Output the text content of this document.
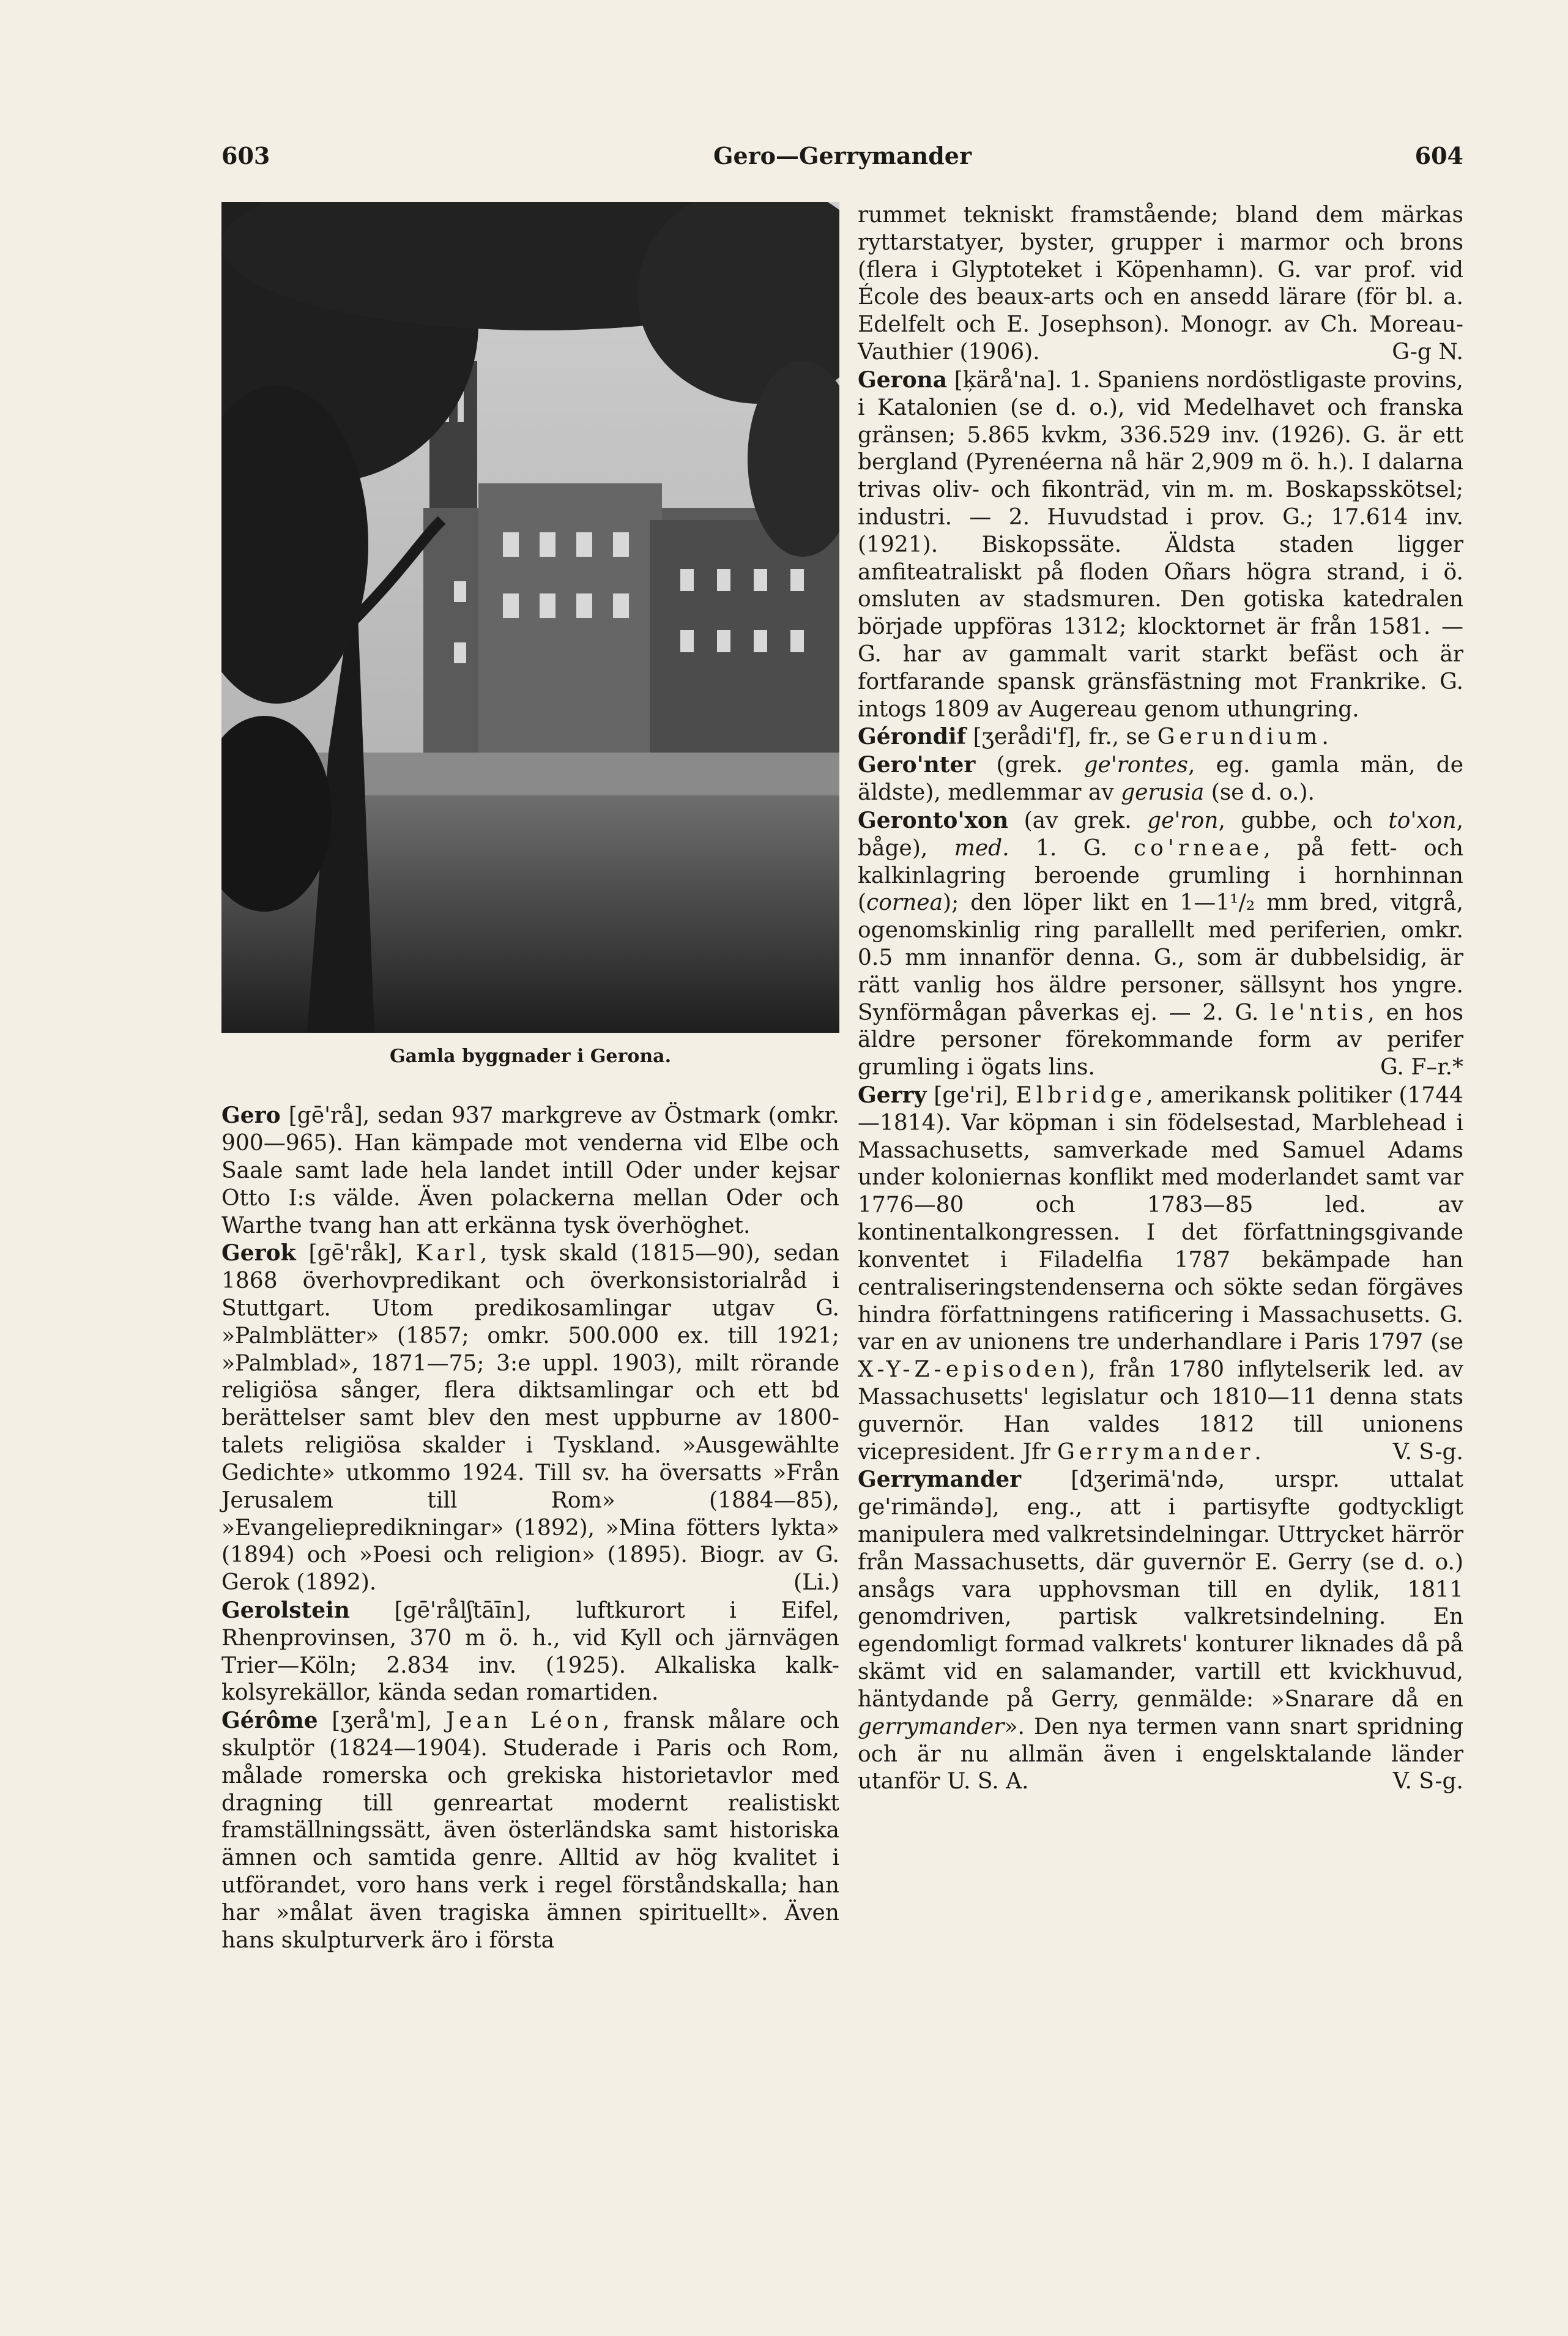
603	Gero—Gerrymander	604
Gamla byggnader i Gerona.

Gero [gē'rå], sedan 937 markgreve av Östmark (omkr. 900—965). Han kämpade mot venderna vid Elbe och Saale samt lade hela landet intill Oder under kejsar Otto I:s välde. Även polackerna mellan Oder och Warthe tvang han att erkänna tysk överhöghet.

Gerok [gē'råk], Karl, tysk skald (1815—90), sedan 1868 överhovpredikant och överkonsistorialråd i Stuttgart. Utom predikosamlingar utgav G. »Palmblätter» (1857; omkr. 500.000 ex. till 1921; »Palmblad», 1871—75; 3:e uppl. 1903), milt rörande religiösa sånger, flera diktsamlingar och ett bd berättelser samt blev den mest uppburne av 1800-talets religiösa skalder i Tyskland. »Ausgewählte Gedichte» utkommo 1924. Till sv. ha översatts »Från Jerusalem till Rom» (1884—85), »Evangeliepredikningar» (1892), »Mina fötters lykta» (1894) och »Poesi och religion» (1895). Biogr. av G. Gerok (1892).	(Li.)

Gerolstein [gē'rålʃtāīn], luftkurort i Eifel, Rhenprovinsen, 370 m ö. h., vid Kyll och järnvägen Trier—Köln; 2.834 inv. (1925). Alkaliska kalk-kolsyrekällor, kända sedan romartiden.

Gérôme [ʒerå'm], Jean Léon, fransk målare och skulptör (1824—1904). Studerade i Paris och Rom, målade romerska och grekiska historietavlor med dragning till genreartat modernt realistiskt framställningssätt, även österländska samt historiska ämnen och samtida genre. Alltid av hög kvalitet i utförandet, voro hans verk i regel förståndskalla; han har »målat även tragiska ämnen spirituellt». Även hans skulpturverk äro i första

rummet tekniskt framstående; bland dem märkas ryttarstatyer, byster, grupper i marmor och brons (flera i Glyptoteket i Köpenhamn). G. var prof. vid École des beaux-arts och en ansedd lärare (för bl. a. Edelfelt och E. Josephson). Monogr. av Ch. Moreau-Vauthier (1906).	G-g N.

Gerona [ķärå'na]. 1. Spaniens nordöstligaste provins, i Katalonien (se d. o.), vid Medelhavet och franska gränsen; 5.865 kvkm, 336.529 inv. (1926). G. är ett bergland (Pyrenéerna nå här 2,909 m ö. h.). I dalarna trivas oliv- och fikonträd, vin m. m. Boskapsskötsel; industri. — 2. Huvudstad i prov. G.; 17.614 inv. (1921). Biskopssäte. Äldsta staden ligger amfiteatraliskt på floden Oñars högra strand, i ö. omsluten av stadsmuren. Den gotiska katedralen började uppföras 1312; klocktornet är från 1581. — G. har av gammalt varit starkt befäst och är fortfarande spansk gränsfästning mot Frankrike. G. intogs 1809 av Augereau genom uthungring.

Gérondif [ʒerådi'f], fr., se Gerundium.

Gero'nter (grek. ge'rontes, eg. gamla män, de äldste), medlemmar av gerusia (se d. o.).

Geronto'xon (av grek. ge'ron, gubbe, och to'xon, båge), med. 1. G. co'rneae, på fett- och kalkinlagring beroende grumling i hornhinnan (cornea); den löper likt en 1—1¹/₂ mm bred, vitgrå, ogenomskinlig ring parallellt med periferien, omkr. 0.5 mm innanför denna. G., som är dubbelsidig, är rätt vanlig hos äldre personer, sällsynt hos yngre. Synförmågan påverkas ej. — 2. G. le'ntis, en hos äldre personer förekommande form av perifer grumling i ögats lins.	G. F–r.*

Gerry [ge'ri], Elbridge, amerikansk politiker (1744—1814). Var köpman i sin födelsestad, Marblehead i Massachusetts, samverkade med Samuel Adams under koloniernas konflikt med moderlandet samt var 1776—80 och 1783—85 led. av kontinentalkongressen. I det författningsgivande konventet i Filadelfia 1787 bekämpade han centraliseringstendenserna och sökte sedan förgäves hindra författningens ratificering i Massachusetts. G. var en av unionens tre underhandlare i Paris 1797 (se X-Y-Z-episoden), från 1780 inflytelserik led. av Massachusetts' legislatur och 1810—11 denna stats guvernör. Han valdes 1812 till unionens vicepresident. Jfr Gerrymander.	V. S-g.

Gerrymander [dʒerimä'ndə, urspr. uttalat ge'rimändə], eng., att i partisyfte godtyckligt manipulera med valkretsindelningar. Uttrycket härrör från Massachusetts, där guvernör E. Gerry (se d. o.) ansågs vara upphovsman till en dylik, 1811 genomdriven, partisk valkretsindelning. En egendomligt formad valkrets' konturer liknades då på skämt vid en salamander, vartill ett kvickhuvud, häntydande på Gerry, genmälde: »Snarare då en gerrymander». Den nya termen vann snart spridning och är nu allmän även i engelsktalande länder utanför U. S. A.	V. S-g.
